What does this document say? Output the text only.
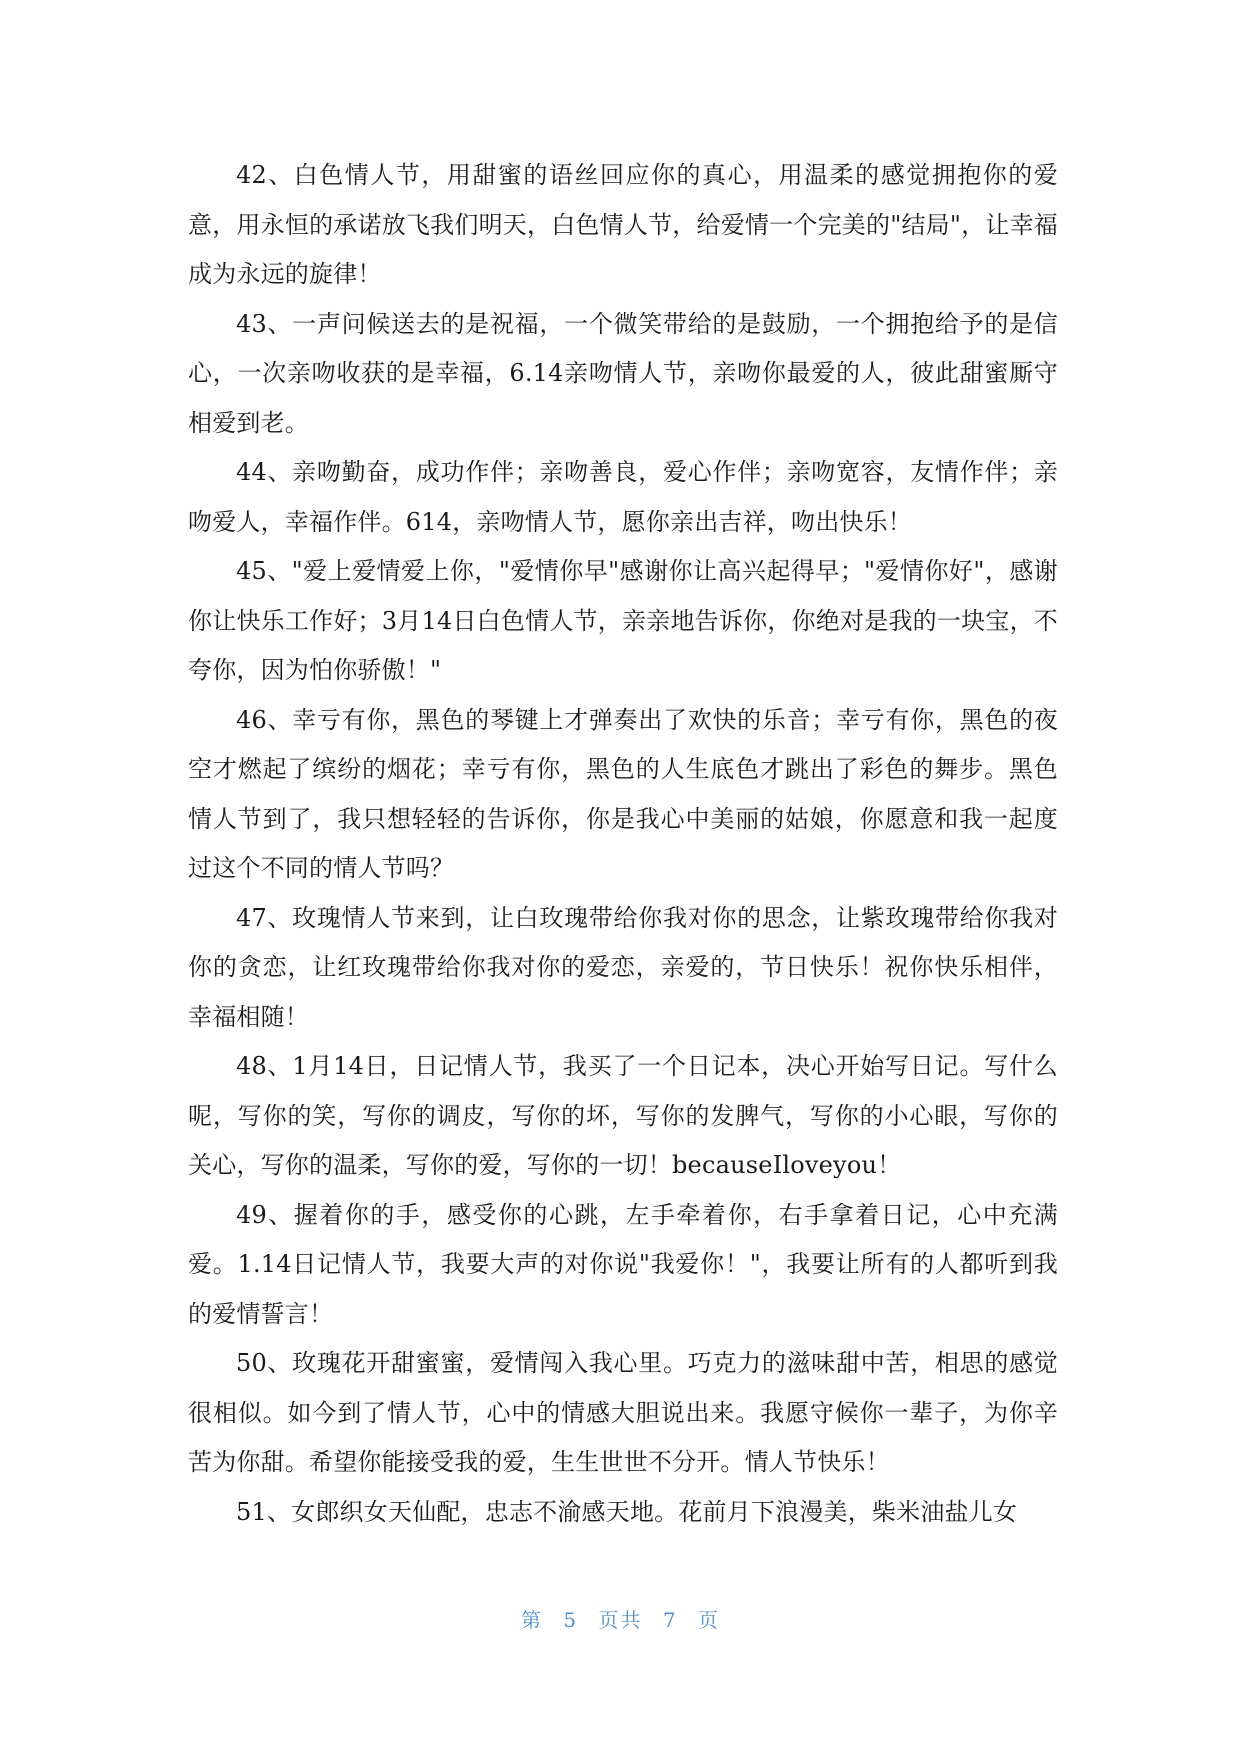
42、白色情人节，用甜蜜的语丝回应你的真心，用温柔的感觉拥抱你的爱意，用永恒的承诺放飞我们明天，白色情人节，给爱情一个完美的"结局"，让幸福成为永远的旋律！

43、一声问候送去的是祝福，一个微笑带给的是鼓励，一个拥抱给予的是信心，一次亲吻收获的是幸福，6.14亲吻情人节，亲吻你最爱的人，彼此甜蜜厮守相爱到老。

44、亲吻勤奋，成功作伴；亲吻善良，爱心作伴；亲吻宽容，友情作伴；亲吻爱人，幸福作伴。614，亲吻情人节，愿你亲出吉祥，吻出快乐！

45、"爱上爱情爱上你，"爱情你早"感谢你让高兴起得早；"爱情你好"，感谢你让快乐工作好；3月14日白色情人节，亲亲地告诉你，你绝对是我的一块宝，不夸你，因为怕你骄傲！"

46、幸亏有你，黑色的琴键上才弹奏出了欢快的乐音；幸亏有你，黑色的夜空才燃起了缤纷的烟花；幸亏有你，黑色的人生底色才跳出了彩色的舞步。黑色情人节到了，我只想轻轻的告诉你，你是我心中美丽的姑娘，你愿意和我一起度过这个不同的情人节吗？

47、玫瑰情人节来到，让白玫瑰带给你我对你的思念，让紫玫瑰带给你我对你的贪恋，让红玫瑰带给你我对你的爱恋，亲爱的，节日快乐！祝你快乐相伴，幸福相随！

48、1月14日，日记情人节，我买了一个日记本，决心开始写日记。写什么呢，写你的笑，写你的调皮，写你的坏，写你的发脾气，写你的小心眼，写你的关心，写你的温柔，写你的爱，写你的一切！becauseIloveyou！

49、握着你的手，感受你的心跳，左手牵着你，右手拿着日记，心中充满爱。1.14日记情人节，我要大声的对你说"我爱你！"，我要让所有的人都听到我的爱情誓言！

50、玫瑰花开甜蜜蜜，爱情闯入我心里。巧克力的滋味甜中苦，相思的感觉很相似。如今到了情人节，心中的情感大胆说出来。我愿守候你一辈子，为你辛苦为你甜。希望你能接受我的爱，生生世世不分开。情人节快乐！

51、女郎织女天仙配，忠志不渝感天地。花前月下浪漫美，柴米油盐儿女

第 5 页共 7 页
